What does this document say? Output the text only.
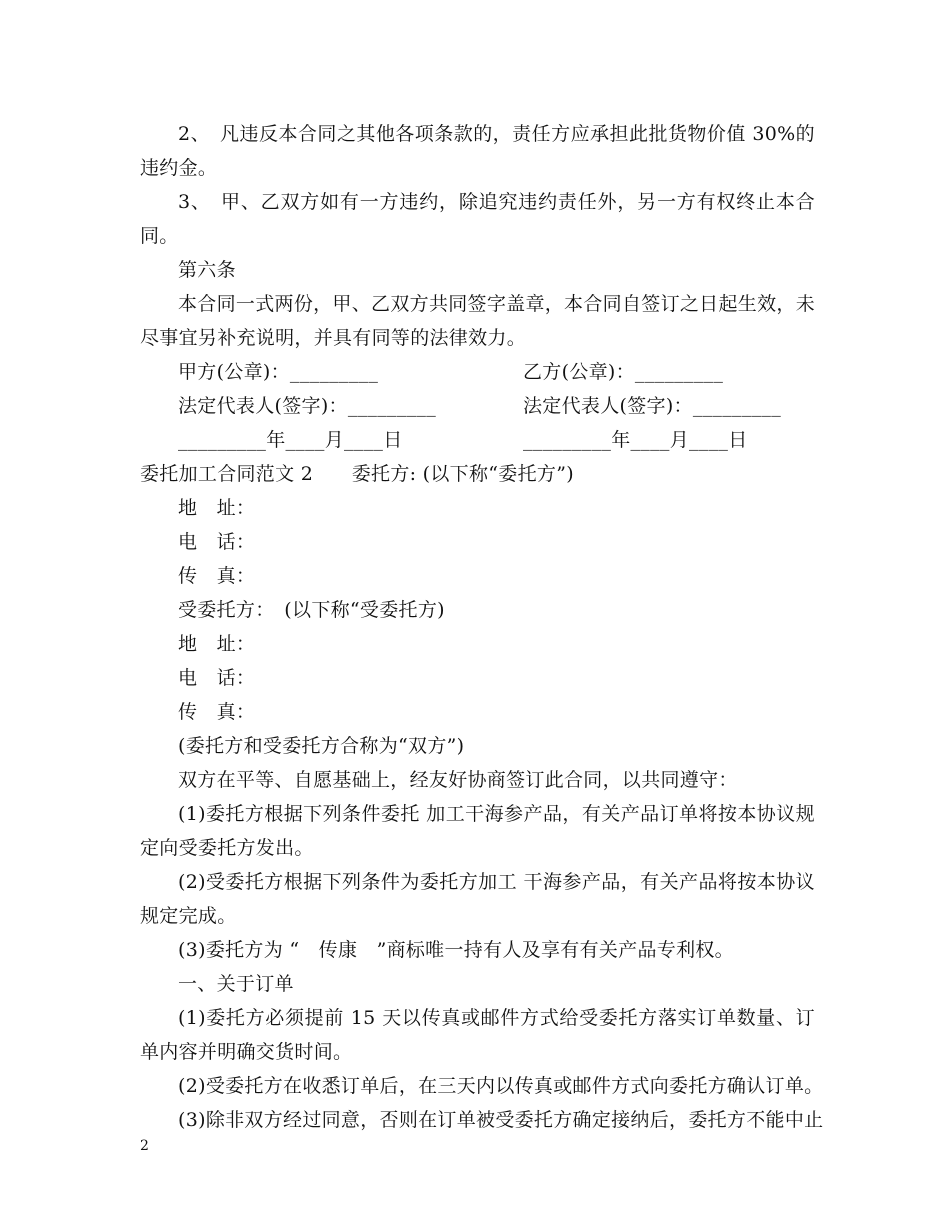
2、　凡违反本合同之其他各项条款的，责任方应承担此批货物价值 30%的违约金。

3、　甲、乙双方如有一方违约，除追究违约责任外，另一方有权终止本合同。

第六条

本合同一式两份，甲、乙双方共同签字盖章，本合同自签订之日起生效，未尽事宜另补充说明，并具有同等的法律效力。

甲方(公章)：_________	乙方(公章)：_________
法定代表人(签字)：_________	法定代表人(签字)：_________
_________年____月____日	_________年____月____日

委托加工合同范文 2　　委托方: (以下称“委托方”)

地　址：

电　话：

传　真：

受委托方：　(以下称“受委托方)

地　址：

电　话：

传　真：

(委托方和受委托方合称为“双方”)

双方在平等、自愿基础上，经友好协商签订此合同，以共同遵守：

(1)委托方根据下列条件委托 加工干海参产品，有关产品订单将按本协议规定向受委托方发出。

(2)受委托方根据下列条件为委托方加工 干海参产品，有关产品将按本协议规定完成。

(3)委托方为 “　传康　”商标唯一持有人及享有有关产品专利权。

一、关于订单

(1)委托方必须提前 15 天以传真或邮件方式给受委托方落实订单数量、订单内容并明确交货时间。

(2)受委托方在收悉订单后，在三天内以传真或邮件方式向委托方确认订单。

(3)除非双方经过同意，否则在订单被受委托方确定接纳后，委托方不能中止

2
